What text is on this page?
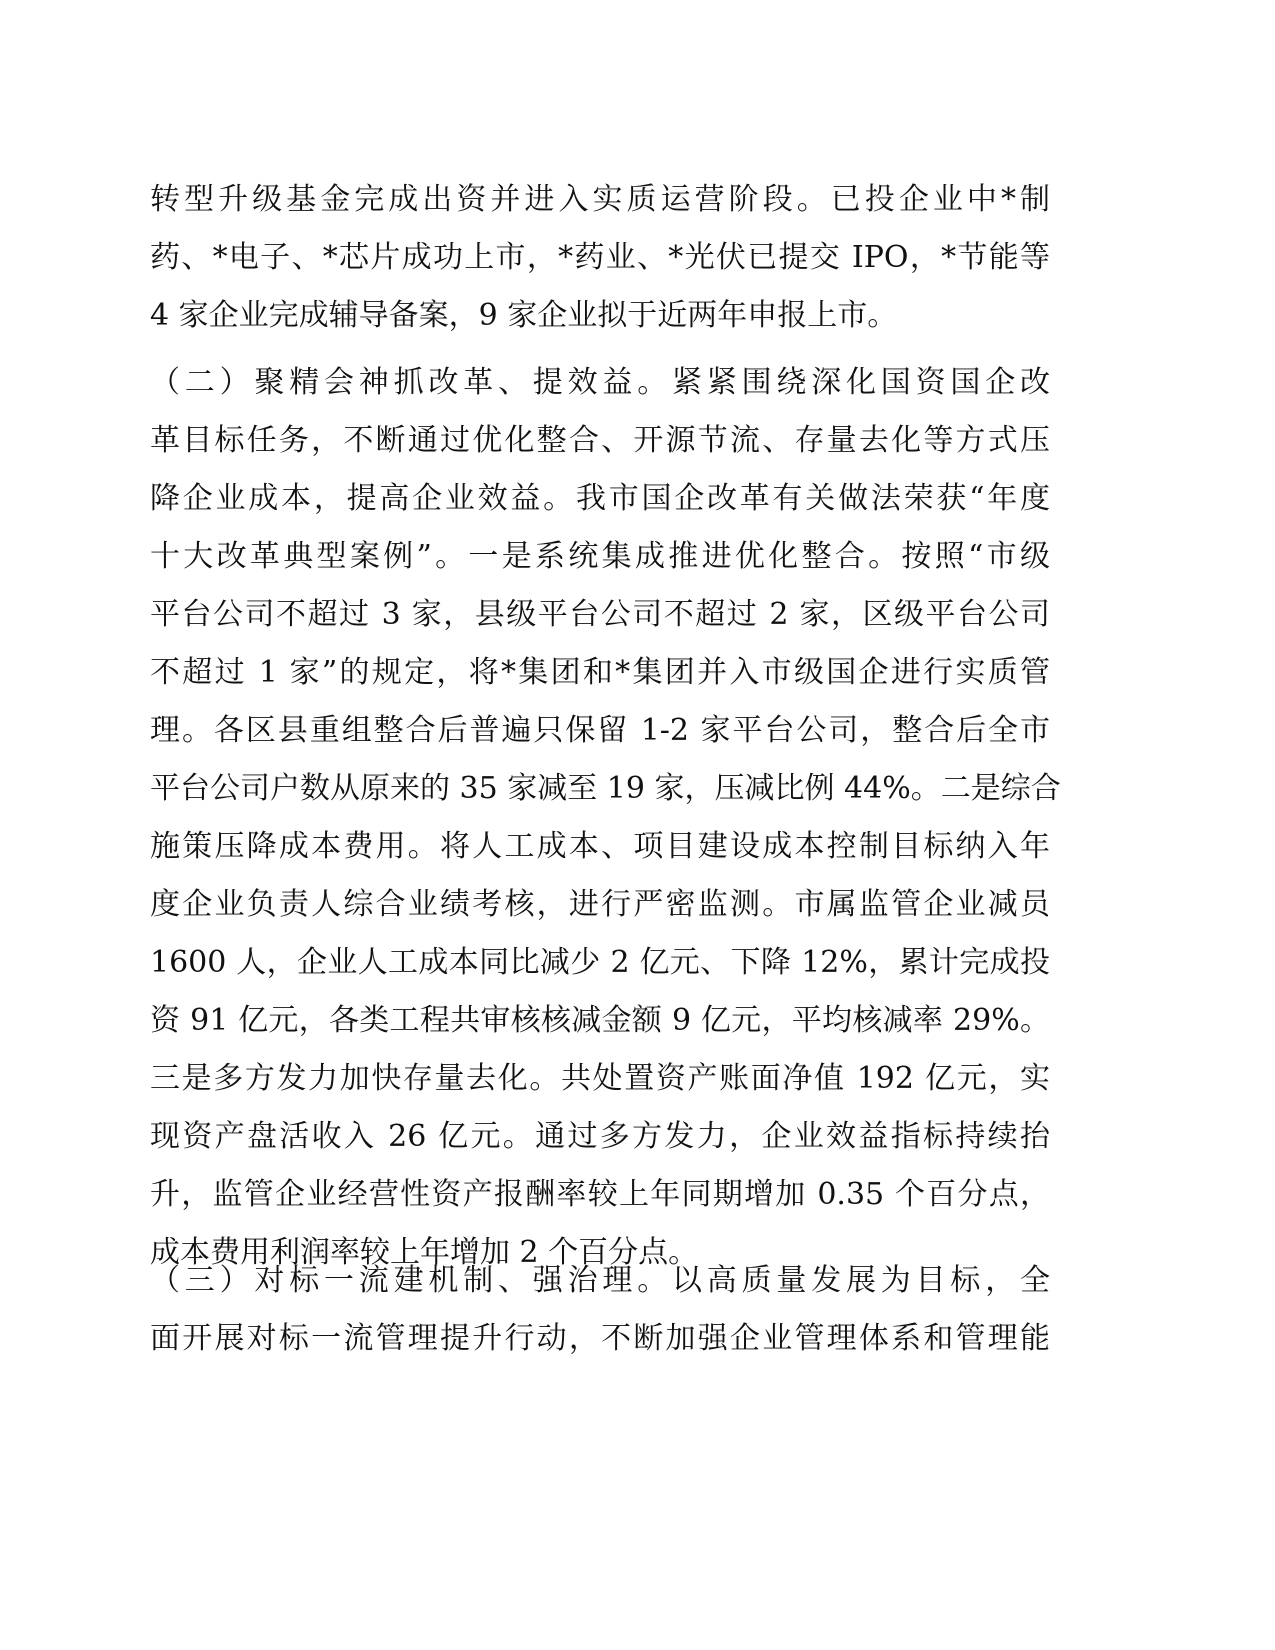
转型升级基金完成出资并进入实质运营阶段。已投企业中*制
药、*电子、*芯片成功上市，*药业、*光伏已提交 IPO，*节能等
4 家企业完成辅导备案，9 家企业拟于近两年申报上市。
（二）聚精会神抓改革、提效益。紧紧围绕深化国资国企改
革目标任务，不断通过优化整合、开源节流、存量去化等方式压
降企业成本，提高企业效益。我市国企改革有关做法荣获“年度
十大改革典型案例”。一是系统集成推进优化整合。按照“市级
平台公司不超过 3 家，县级平台公司不超过 2 家，区级平台公司
不超过 1 家”的规定，将*集团和*集团并入市级国企进行实质管
理。各区县重组整合后普遍只保留 1-2 家平台公司，整合后全市
平台公司户数从原来的 35 家减至 19 家，压减比例 44%。二是综合
施策压降成本费用。将人工成本、项目建设成本控制目标纳入年
度企业负责人综合业绩考核，进行严密监测。市属监管企业减员
1600 人，企业人工成本同比减少 2 亿元、下降 12%，累计完成投
资 91 亿元，各类工程共审核核减金额 9 亿元，平均核减率 29%。
三是多方发力加快存量去化。共处置资产账面净值 192 亿元，实
现资产盘活收入 26 亿元。通过多方发力，企业效益指标持续抬
升，监管企业经营性资产报酬率较上年同期增加 0.35 个百分点，
成本费用利润率较上年增加 2 个百分点。
（三）对标一流建机制、强治理。以高质量发展为目标，全
面开展对标一流管理提升行动，不断加强企业管理体系和管理能
